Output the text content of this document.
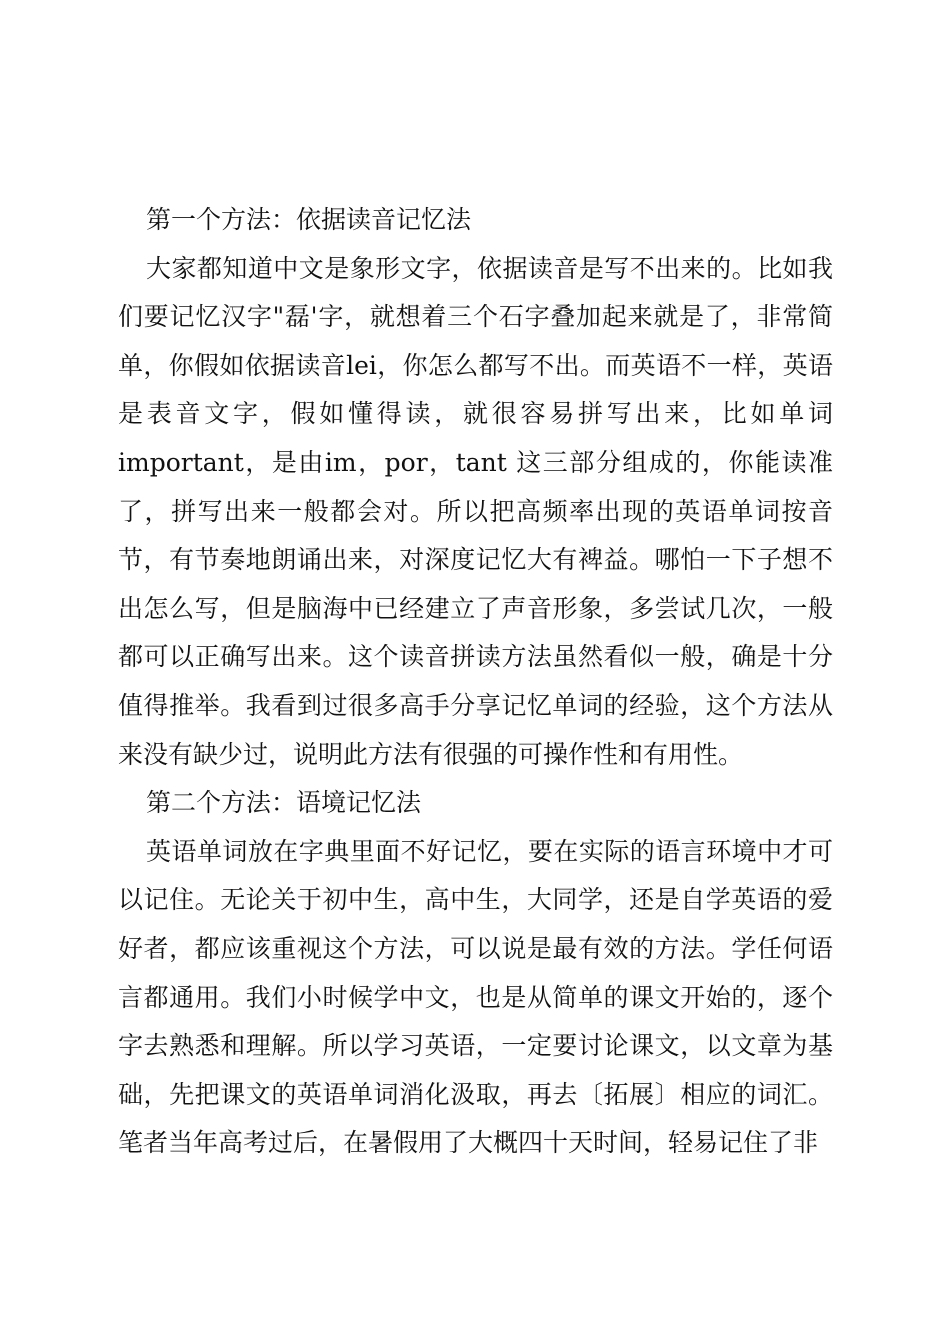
第一个方法：依据读音记忆法

大家都知道中文是象形文字，依据读音是写不出来的。比如我们要记忆汉字"磊'字，就想着三个石字叠加起来就是了，非常简单，你假如依据读音lei，你怎么都写不出。而英语不一样，英语是表音文字，假如懂得读，就很容易拼写出来，比如单词important，是由im，por，tant 这三部分组成的，你能读准了，拼写出来一般都会对。所以把高频率出现的英语单词按音节，有节奏地朗诵出来，对深度记忆大有裨益。哪怕一下子想不出怎么写，但是脑海中已经建立了声音形象，多尝试几次，一般都可以正确写出来。这个读音拼读方法虽然看似一般，确是十分值得推举。我看到过很多高手分享记忆单词的经验，这个方法从来没有缺少过，说明此方法有很强的可操作性和有用性。

第二个方法：语境记忆法

英语单词放在字典里面不好记忆，要在实际的语言环境中才可以记住。无论关于初中生，高中生，大同学，还是自学英语的爱好者，都应该重视这个方法，可以说是最有效的方法。学任何语言都通用。我们小时候学中文，也是从简单的课文开始的，逐个字去熟悉和理解。所以学习英语，一定要讨论课文，以文章为基础，先把课文的英语单词消化汲取，再去〔拓展〕相应的词汇。笔者当年高考过后，在暑假用了大概四十天时间，轻易记住了非
